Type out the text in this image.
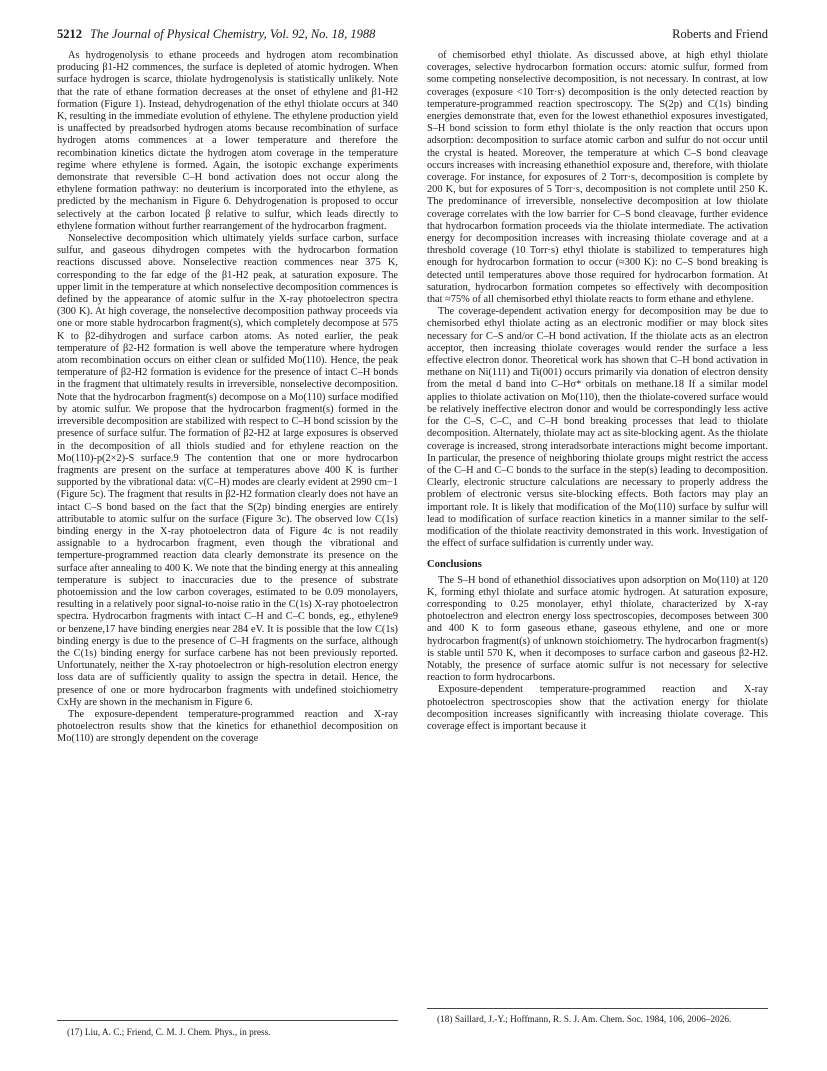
5212 The Journal of Physical Chemistry, Vol. 92, No. 18, 1988	Roberts and Friend

As hydrogenolysis to ethane proceeds and hydrogen atom recombination producing β1-H2 commences, the surface is depleted of atomic hydrogen. When surface hydrogen is scarce, thiolate hydrogenolysis is statistically unlikely. Note that the rate of ethane formation decreases at the onset of ethylene and β1-H2 formation (Figure 1). Instead, dehydrogenation of the ethyl thiolate occurs at 340 K, resulting in the immediate evolution of ethylene. The ethylene production yield is unaffected by preadsorbed hydrogen atoms because recombination of surface hydrogen atoms commences at a lower temperature and therefore the recombination kinetics dictate the hydrogen atom coverage in the temperature regime where ethylene is formed. Again, the isotopic exchange experiments demonstrate that reversible C–H bond activation does not occur along the ethylene formation pathway: no deuterium is incorporated into the ethylene, as predicted by the mechanism in Figure 6. Dehydrogenation is proposed to occur selectively at the carbon located β relative to sulfur, which leads directly to ethylene formation without further rearrangement of the hydrocarbon fragment.

Nonselective decomposition which ultimately yields surface carbon, surface sulfur, and gaseous dihydrogen competes with the hydrocarbon formation reactions discussed above. Nonselective reaction commences near 375 K, corresponding to the far edge of the β1-H2 peak, at saturation exposure. The upper limit in the temperature at which nonselective decomposition commences is defined by the appearance of atomic sulfur in the X-ray photoelectron spectra (300 K). At high coverage, the nonselective decomposition pathway proceeds via one or more stable hydrocarbon fragment(s), which completely decompose at 575 K to β2-dihydrogen and surface carbon atoms. As noted earlier, the peak temperature of β2-H2 formation is well above the temperature where hydrogen atom recombination occurs on either clean or sulfided Mo(110). Hence, the peak temperature of β2-H2 formation is evidence for the presence of intact C–H bonds in the fragment that ultimately results in irreversible, nonselective decomposition. Note that the hydrocarbon fragment(s) decompose on a Mo(110) surface modified by atomic sulfur. We propose that the hydrocarbon fragment(s) formed in the irreversible decomposition are stabilized with respect to C–H bond scission by the presence of surface sulfur. The formation of β2-H2 at large exposures is observed in the decomposition of all thiols studied and for ethylene reaction on the Mo(110)-p(2×2)-S surface.9 The contention that one or more hydrocarbon fragments are present on the surface at temperatures above 400 K is further supported by the vibrational data: ν(C–H) modes are clearly evident at 2990 cm−1 (Figure 5c). The fragment that results in β2-H2 formation clearly does not have an intact C–S bond based on the fact that the S(2p) binding energies are entirely attributable to atomic sulfur on the surface (Figure 3c). The observed low C(1s) binding energy in the X-ray photoelectron data of Figure 4c is not readily assignable to a hydrocarbon fragment, even though the vibrational and temperture-programmed reaction data clearly demonstrate its presence on the surface after annealing to 400 K. We note that the binding energy at this annealing temperature is subject to inaccuracies due to the presence of substrate photoemission and the low carbon coverages, estimated to be 0.09 monolayers, resulting in a relatively poor signal-to-noise ratio in the C(1s) X-ray photoelectron spectra. Hydrocarbon fragments with intact C–H and C–C bonds, eg., ethylene9 or benzene,17 have binding energies near 284 eV. It is possible that the low C(1s) binding energy is due to the presence of C–H fragments on the surface, although the C(1s) binding energy for surface carbene has not been previously reported. Unfortunately, neither the X-ray photoelectron or high-resolution electron energy loss data are of sufficiently quality to assign the spectra in detail. Hence, the presence of one or more hydrocarbon fragments with undefined stoichiometry CxHy are shown in the mechanism in Figure 6.

The exposure-dependent temperature-programmed reaction and X-ray photoelectron results show that the kinetics for ethanethiol decomposition on Mo(110) are strongly dependent on the coverage

of chemisorbed ethyl thiolate. As discussed above, at high ethyl thiolate coverages, selective hydrocarbon formation occurs: atomic sulfur, formed from some competing nonselective decomposition, is not necessary. In contrast, at low coverages (exposure <10 Torr·s) decomposition is the only detected reaction by temperature-programmed reaction spectroscopy. The S(2p) and C(1s) binding energies demonstrate that, even for the lowest ethanethiol exposures investigated, S–H bond scission to form ethyl thiolate is the only reaction that occurs upon adsorption: decomposition to surface atomic carbon and sulfur do not occur until the crystal is heated. Moreover, the temperature at which C–S bond cleavage occurs increases with increasing ethanethiol exposure and, therefore, with thiolate coverage. For instance, for exposures of 2 Torr·s, decomposition is complete by 200 K, but for exposures of 5 Torr·s, decomposition is not complete until 250 K. The predominance of irreversible, nonselective decomposition at low thiolate coverage correlates with the low barrier for C–S bond cleavage, further evidence that hydrocarbon formation proceeds via the thiolate intermediate. The activation energy for decomposition increases with increasing thiolate coverage and at a threshold coverage (10 Torr·s) ethyl thiolate is stabilized to temperatures high enough for hydrocarbon formation to occur (≈300 K): no C–S bond breaking is detected until temperatures above those required for hydrocarbon formation. At saturation, hydrocarbon formation competes so effectively with decomposition that ≈75% of all chemisorbed ethyl thiolate reacts to form ethane and ethylene.

The coverage-dependent activation energy for decomposition may be due to chemisorbed ethyl thiolate acting as an electronic modifier or may block sites necessary for C–S and/or C–H bond activation. If the thiolate acts as an electron acceptor, then increasing thiolate coverages would render the surface a less effective electron donor. Theoretical work has shown that C–H bond activation in methane on Ni(111) and Ti(001) occurs primarily via donation of electron density from the metal d band into C–Hσ* orbitals on methane.18 If a similar model applies to thiolate activation on Mo(110), then the thiolate-covered surface would be relatively ineffective electron donor and would be correspondingly less active for the C–S, C–C, and C–H bond breaking processes that lead to thiolate decomposition. Alternately, thiolate may act as site-blocking agent. As the thiolate coverage is increased, strong interadsorbate interactions might become important. In particular, the presence of neighboring thiolate groups might restrict the access of the C–H and C–C bonds to the surface in the step(s) leading to decomposition. Clearly, electronic structure calculations are necessary to properly address the problem of electronic versus site-blocking effects. Both factors may play an important role. It is likely that modification of the Mo(110) surface by sulfur will lead to modification of surface reaction kinetics in a manner similar to the self-modification of the thiolate reactivity demonstrated in this work. Investigation of the effect of surface sulfidation is currently under way.

Conclusions

The S–H bond of ethanethiol dissociatives upon adsorption on Mo(110) at 120 K, forming ethyl thiolate and surface atomic hydrogen. At saturation exposure, corresponding to 0.25 monolayer, ethyl thiolate, characterized by X-ray photoelectron and electron energy loss spectroscopies, decomposes between 300 and 400 K to form gaseous ethane, gaseous ethylene, and one or more hydrocarbon fragment(s) of unknown stoichiometry. The hydrocarbon fragment(s) is stable until 570 K, when it decomposes to surface carbon and gaseous β2-H2. Notably, the presence of surface atomic sulfur is not necessary for selective reaction to form hydrocarbons.

Exposure-dependent temperature-programmed reaction and X-ray photoelectron spectroscopies show that the activation energy for thiolate decomposition increases significantly with increasing thiolate coverage. This coverage effect is important because it

(17) Liu, A. C.; Friend, C. M. J. Chem. Phys., in press.
(18) Saillard, J.-Y.; Hoffmann, R. S. J. Am. Chem. Soc. 1984, 106, 2006–2026.
